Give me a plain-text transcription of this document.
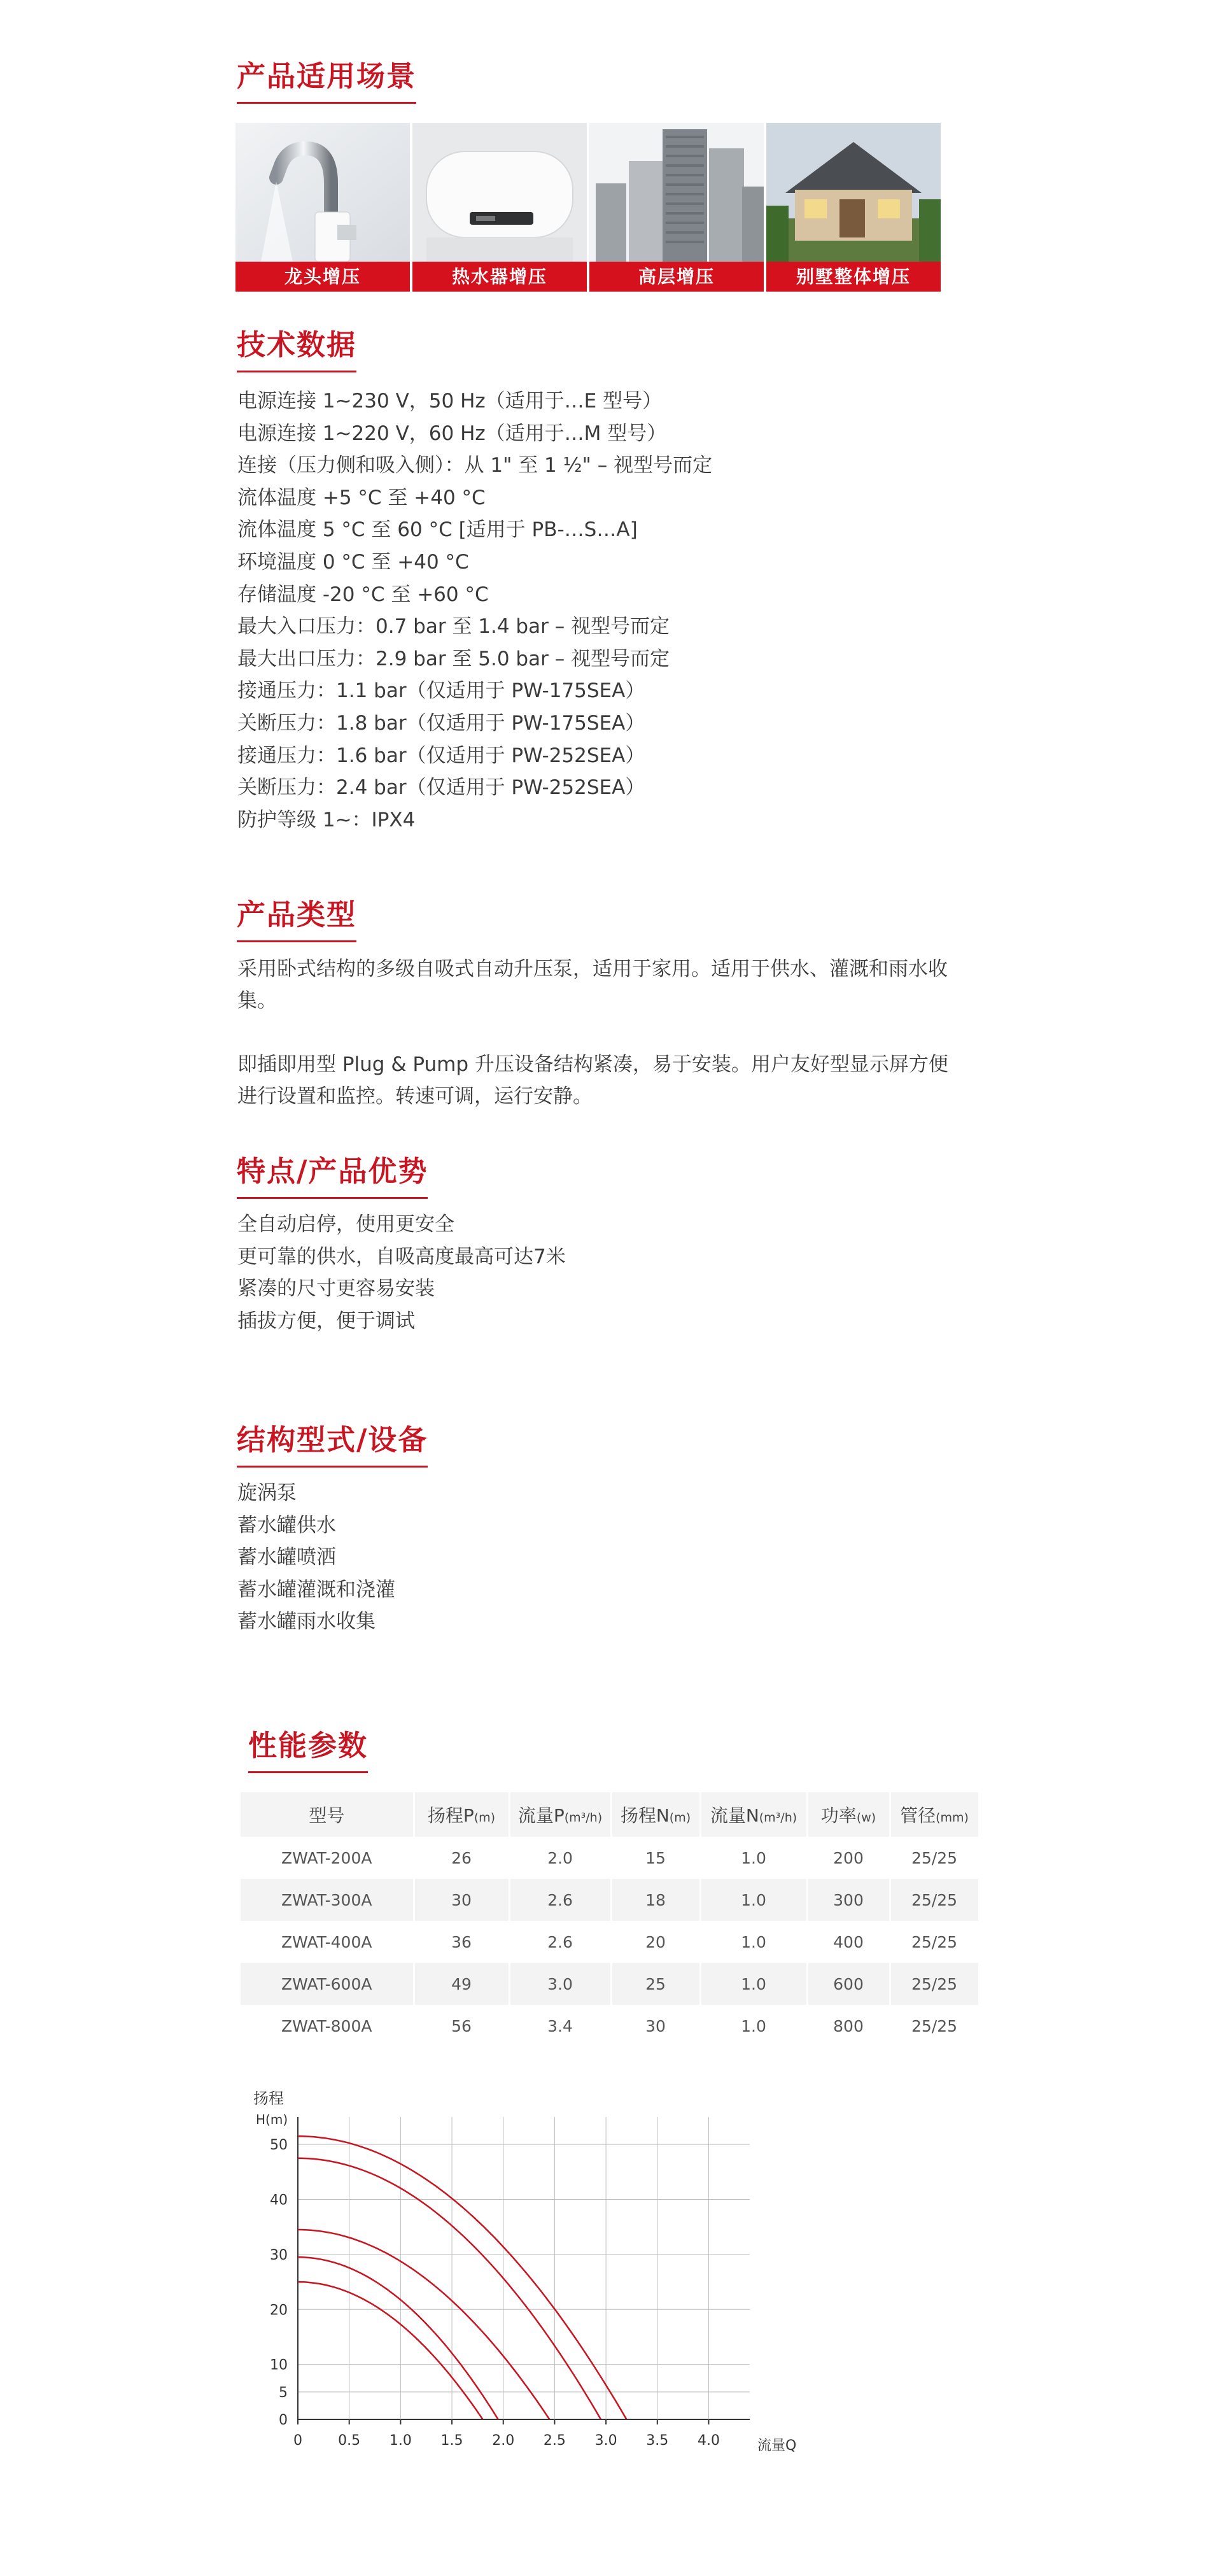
产品适用场景
龙头增压	热水器增压	高层增压	别墅整体增压
技术数据
电源连接 1~230 V，50 Hz（适用于…E 型号）
电源连接 1~220 V，60 Hz（适用于…M 型号）
连接（压力侧和吸入侧）：从 1" 至 1 ½" – 视型号而定
流体温度 +5 °C 至 +40 °C
流体温度 5 °C 至 60 °C [适用于 PB-…S…A]
环境温度 0 °C 至 +40 °C
存储温度 -20 °C 至 +60 °C
最大入口压力：0.7 bar 至 1.4 bar – 视型号而定
最大出口压力：2.9 bar 至 5.0 bar – 视型号而定
接通压力：1.1 bar（仅适用于 PW-175SEA）
关断压力：1.8 bar（仅适用于 PW-175SEA）
接通压力：1.6 bar（仅适用于 PW-252SEA）
关断压力：2.4 bar（仅适用于 PW-252SEA）
防护等级 1~：IPX4
产品类型
采用卧式结构的多级自吸式自动升压泵，适用于家用。适用于供水、灌溉和雨水收集。
即插即用型 Plug & Pump 升压设备结构紧凑，易于安装。用户友好型显示屏方便进行设置和监控。转速可调，运行安静。
特点/产品优势
全自动启停，使用更安全
更可靠的供水，自吸高度最高可达7米
紧凑的尺寸更容易安装
插拔方便，便于调试
结构型式/设备
旋涡泵
蓄水罐供水
蓄水罐喷洒
蓄水罐灌溉和浇灌
蓄水罐雨水收集
性能参数
型号	扬程P(m)	流量P(m³/h)	扬程N(m)	流量N(m³/h)	功率(w)	管径(mm)
ZWAT-200A	26	2.0	15	1.0	200	25/25
ZWAT-300A	30	2.6	18	1.0	300	25/25
ZWAT-400A	36	2.6	20	1.0	400	25/25
ZWAT-600A	49	3.0	25	1.0	600	25/25
ZWAT-800A	56	3.4	30	1.0	800	25/25
扬程
H(m)
0
5
10
20
30
40
50
0	0.5 1.0 1.5 2.0 2.5 3.0 3.5 4.0	流量Q
